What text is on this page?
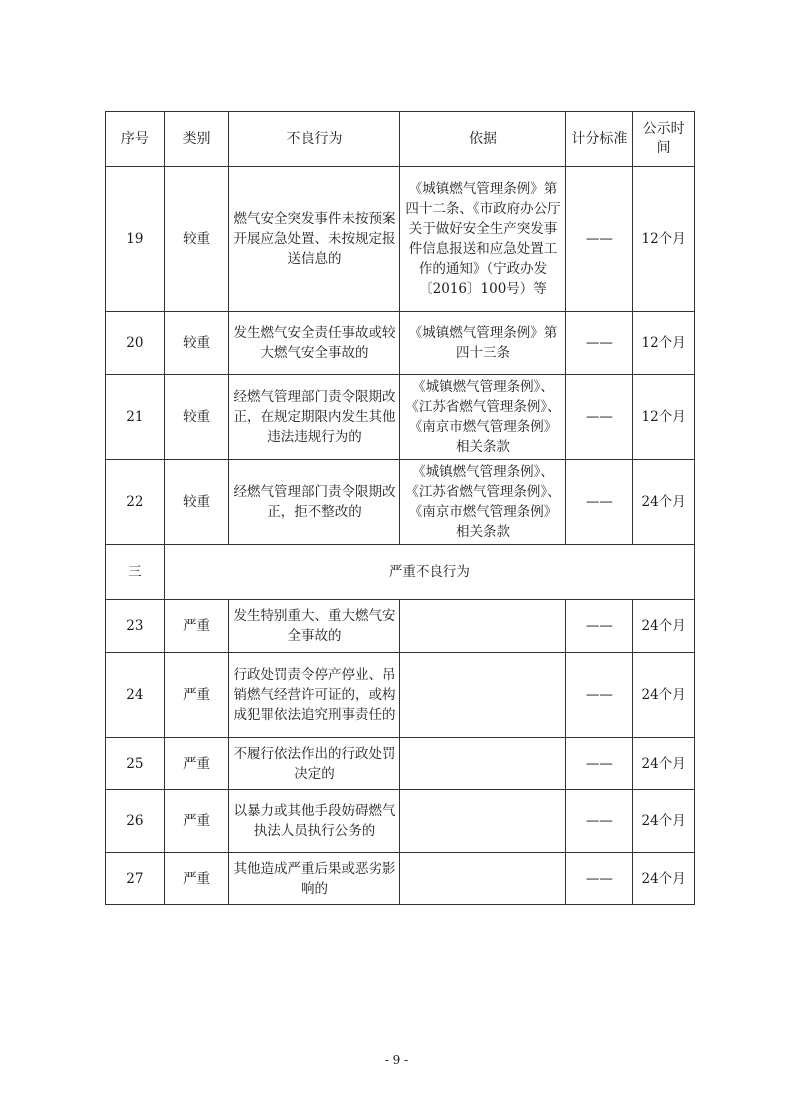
序号	类别	不良行为	依据	计分标准	公示时间
19	较重	燃气安全突发事件未按预案开展应急处置、未按规定报送信息的	《城镇燃气管理条例》第四十二条、《市政府办公厅关于做好安全生产突发事件信息报送和应急处置工作的通知》（宁政办发〔2016〕100号）等	——	12个月
20	较重	发生燃气安全责任事故或较大燃气安全事故的	《城镇燃气管理条例》第四十三条	——	12个月
21	较重	经燃气管理部门责令限期改正，在规定期限内发生其他违法违规行为的	《城镇燃气管理条例》、《江苏省燃气管理条例》、《南京市燃气管理条例》相关条款	——	12个月
22	较重	经燃气管理部门责令限期改正，拒不整改的	《城镇燃气管理条例》、《江苏省燃气管理条例》、《南京市燃气管理条例》相关条款	——	24个月
三	严重不良行为				
23	严重	发生特别重大、重大燃气安全事故的		——	24个月
24	严重	行政处罚责令停产停业、吊销燃气经营许可证的，或构成犯罪依法追究刑事责任的		——	24个月
25	严重	不履行依法作出的行政处罚决定的		——	24个月
26	严重	以暴力或其他手段妨碍燃气执法人员执行公务的		——	24个月
27	严重	其他造成严重后果或恶劣影响的		——	24个月
- 9 -
